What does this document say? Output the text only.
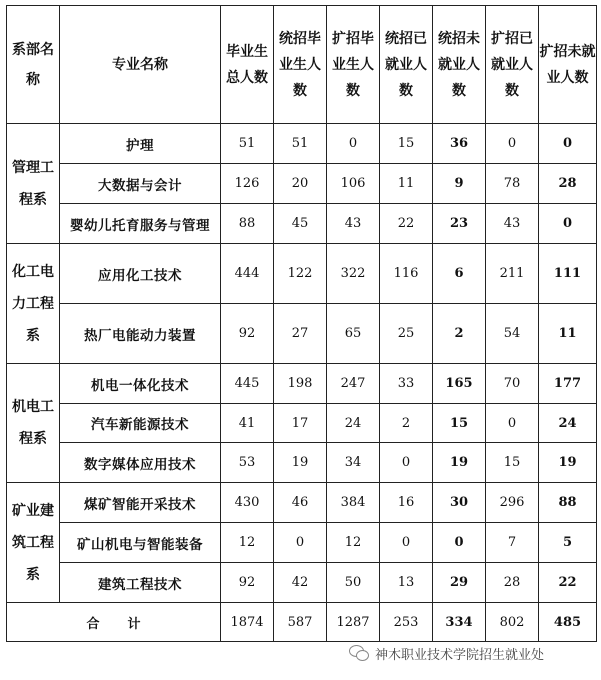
系部名称	专业名称	毕业生总人数	统招毕业生人数	扩招毕业生人数	统招已就业人数	统招未就业人数	扩招已就业人数	扩招未就业人数
管理工程系	护理	51	51	0	15	36	0	0
	大数据与会计	126	20	106	11	9	78	28
	婴幼儿托育服务与管理	88	45	43	22	23	43	0
化工电力工程系	应用化工技术	444	122	322	116	6	211	111
	热厂电能动力装置	92	27	65	25	2	54	11
机电工程系	机电一体化技术	445	198	247	33	165	70	177
	汽车新能源技术	41	17	24	2	15	0	24
	数字媒体应用技术	53	19	34	0	19	15	19
矿业建筑工程系	煤矿智能开采技术	430	46	384	16	30	296	88
	矿山机电与智能装备	12	0	12	0	0	7	5
	建筑工程技术	92	42	50	13	29	28	22
合计		1874	587	1287	253	334	802	485
神木职业技术学院招生就业处
